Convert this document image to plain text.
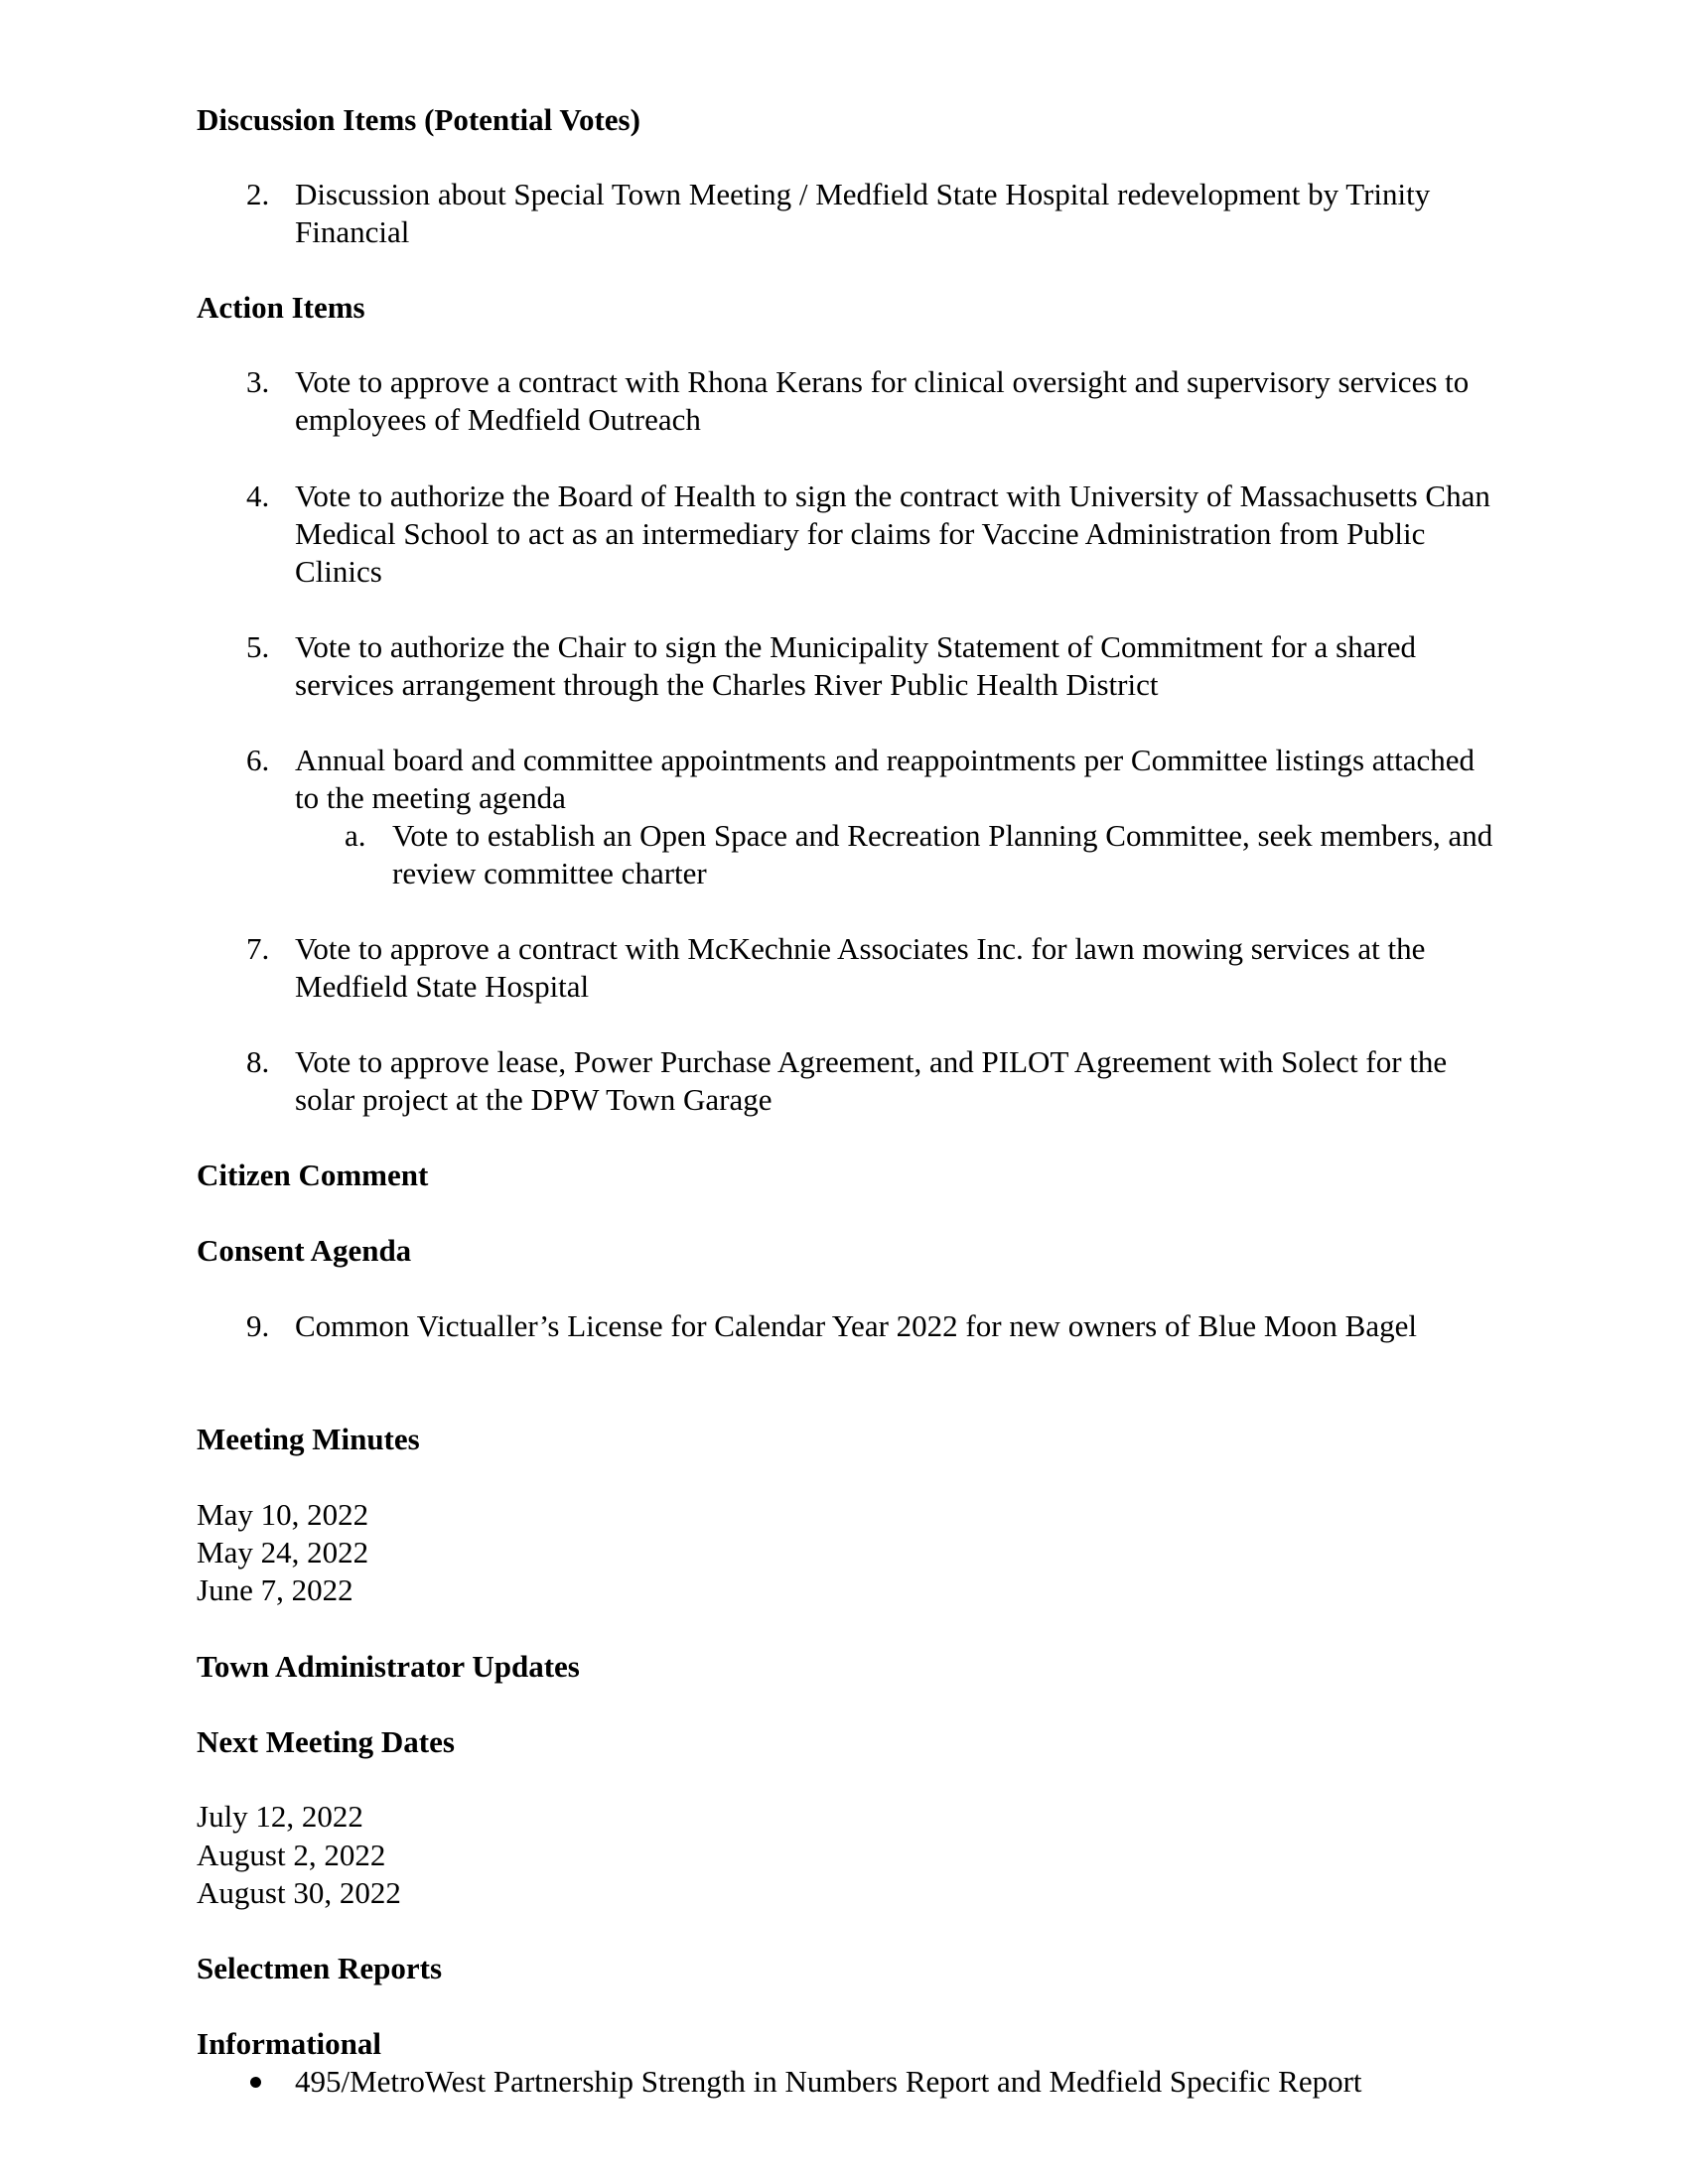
Discussion Items (Potential Votes)
2. Discussion about Special Town Meeting / Medfield State Hospital redevelopment by Trinity Financial
Action Items
3. Vote to approve a contract with Rhona Kerans for clinical oversight and supervisory services to employees of Medfield Outreach
4. Vote to authorize the Board of Health to sign the contract with University of Massachusetts Chan Medical School to act as an intermediary for claims for Vaccine Administration from Public Clinics
5. Vote to authorize the Chair to sign the Municipality Statement of Commitment for a shared services arrangement through the Charles River Public Health District
6. Annual board and committee appointments and reappointments per Committee listings attached to the meeting agenda
a. Vote to establish an Open Space and Recreation Planning Committee, seek members, and review committee charter
7. Vote to approve a contract with McKechnie Associates Inc. for lawn mowing services at the Medfield State Hospital
8. Vote to approve lease, Power Purchase Agreement, and PILOT Agreement with Solect for the solar project at the DPW Town Garage
Citizen Comment
Consent Agenda
9. Common Victualler’s License for Calendar Year 2022 for new owners of Blue Moon Bagel
Meeting Minutes
May 10, 2022
May 24, 2022
June 7, 2022
Town Administrator Updates
Next Meeting Dates
July 12, 2022
August 2, 2022
August 30, 2022
Selectmen Reports
Informational
495/MetroWest Partnership Strength in Numbers Report and Medfield Specific Report
